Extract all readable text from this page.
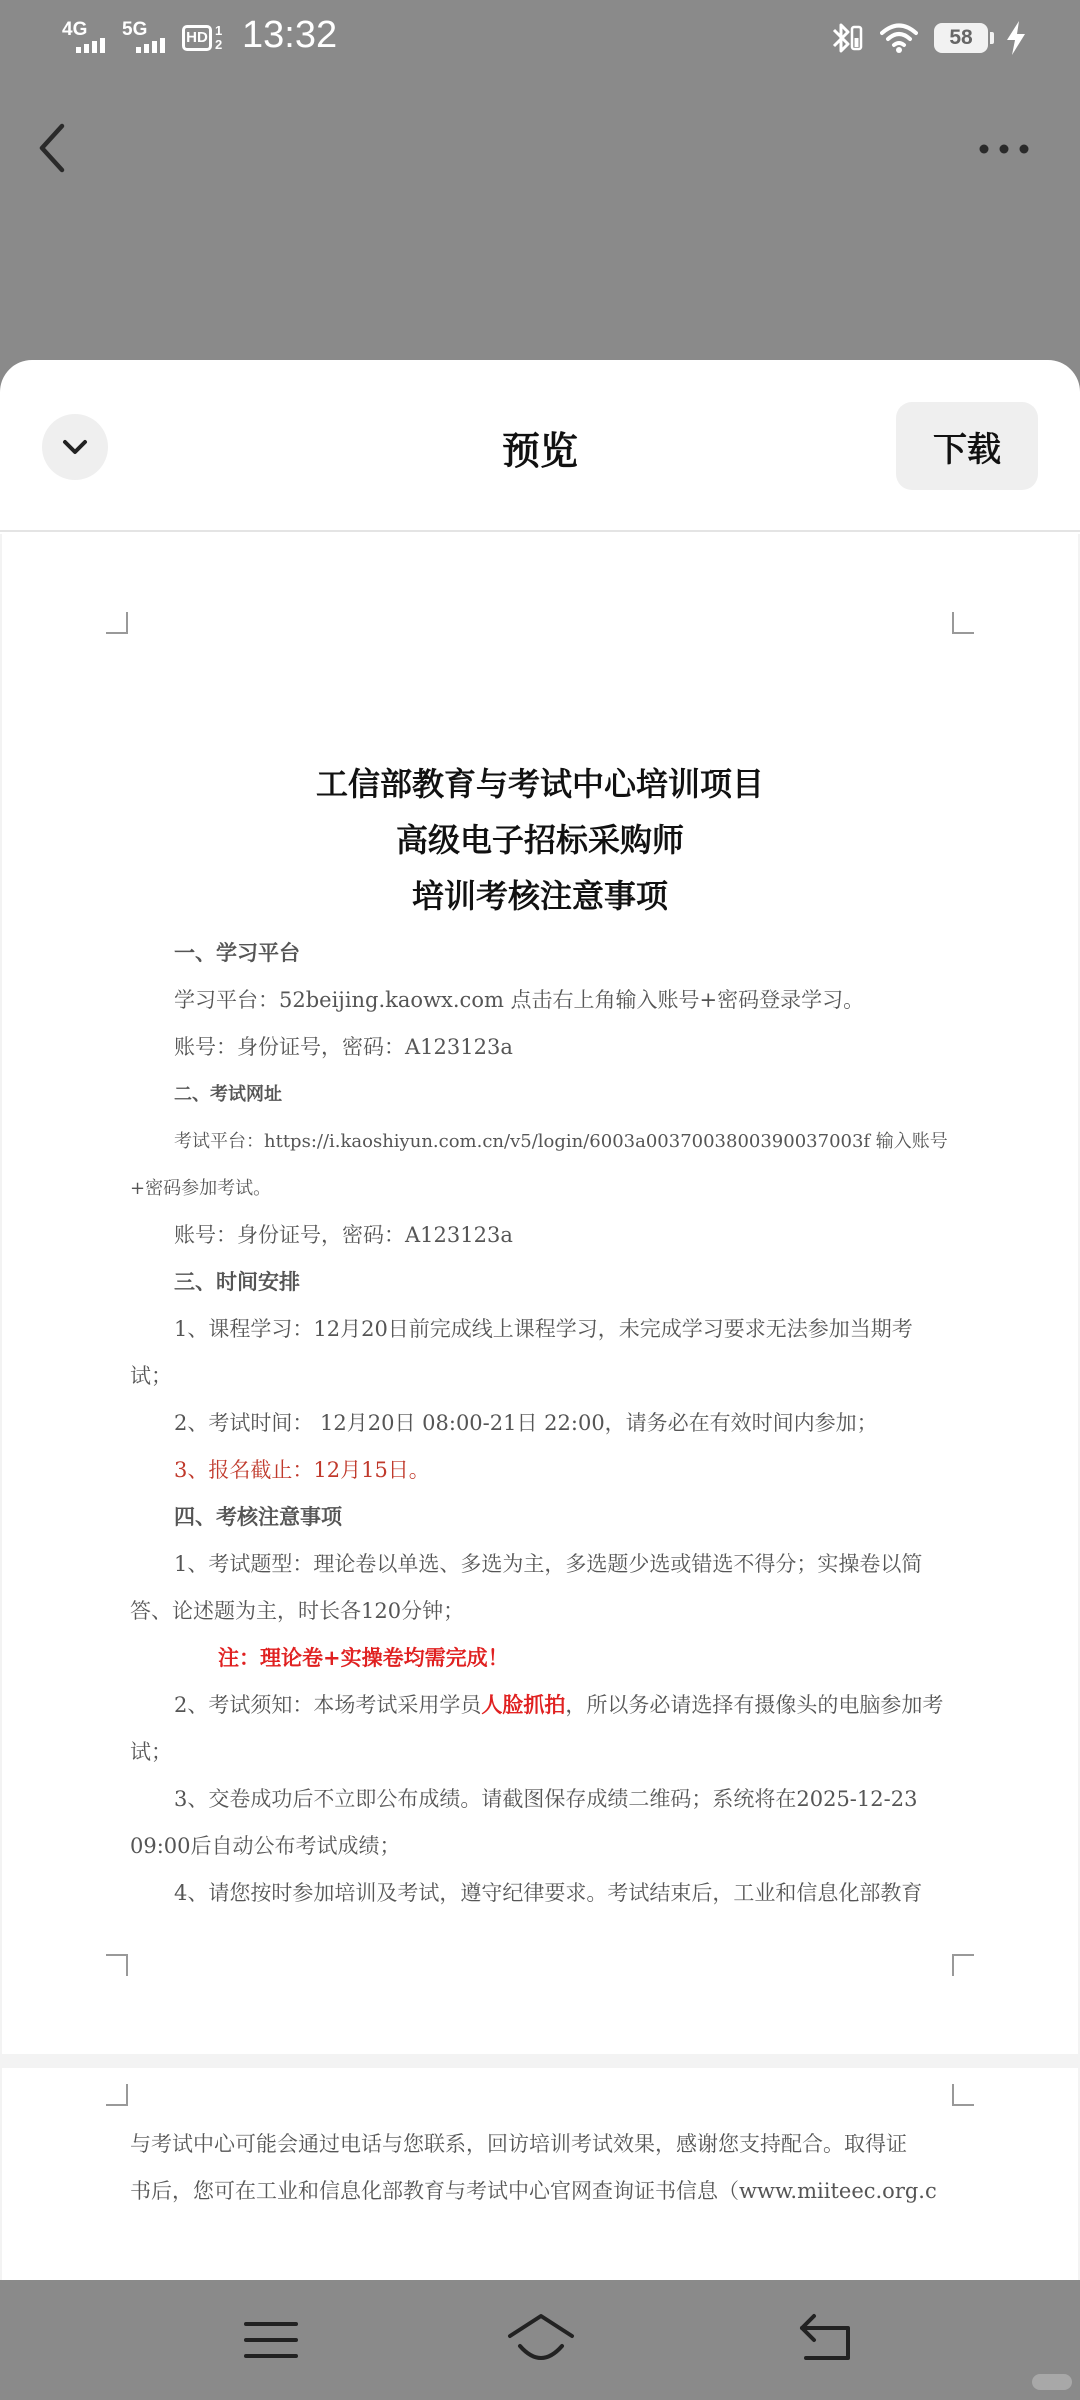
4G 5G	HD 1 2 13:32	58
预览	下载
工信部教育与考试中心培训项目
高级电子招标采购师
培训考核注意事项

一、学习平台

学习平台：52beijing.kaowx.com 点击右上角输入账号+密码登录学习。

账号：身份证号，密码：A123123a

二、考试网址

考试平台：https://i.kaoshiyun.com.cn/v5/login/6003a0037003800390037003f 输入账号+密码参加考试。

账号：身份证号，密码：A123123a

三、时间安排

1、课程学习：12月20日前完成线上课程学习，未完成学习要求无法参加当期考试；

2、考试时间： 12月20日 08:00-21日 22:00，请务必在有效时间内参加；

3、报名截止：12月15日。

四、考核注意事项

1、考试题型：理论卷以单选、多选为主，多选题少选或错选不得分；实操卷以简答、论述题为主，时长各120分钟；

注：理论卷+实操卷均需完成！

2、考试须知：本场考试采用学员人脸抓拍，所以务必请选择有摄像头的电脑参加考试；

3、交卷成功后不立即公布成绩。请截图保存成绩二维码；系统将在2025-12-23 09:00后自动公布考试成绩；

4、请您按时参加培训及考试，遵守纪律要求。考试结束后，工业和信息化部教育

与考试中心可能会通过电话与您联系，回访培训考试效果，感谢您支持配合。取得证

书后，您可在工业和信息化部教育与考试中心官网查询证书信息（www.miiteec.org.c
